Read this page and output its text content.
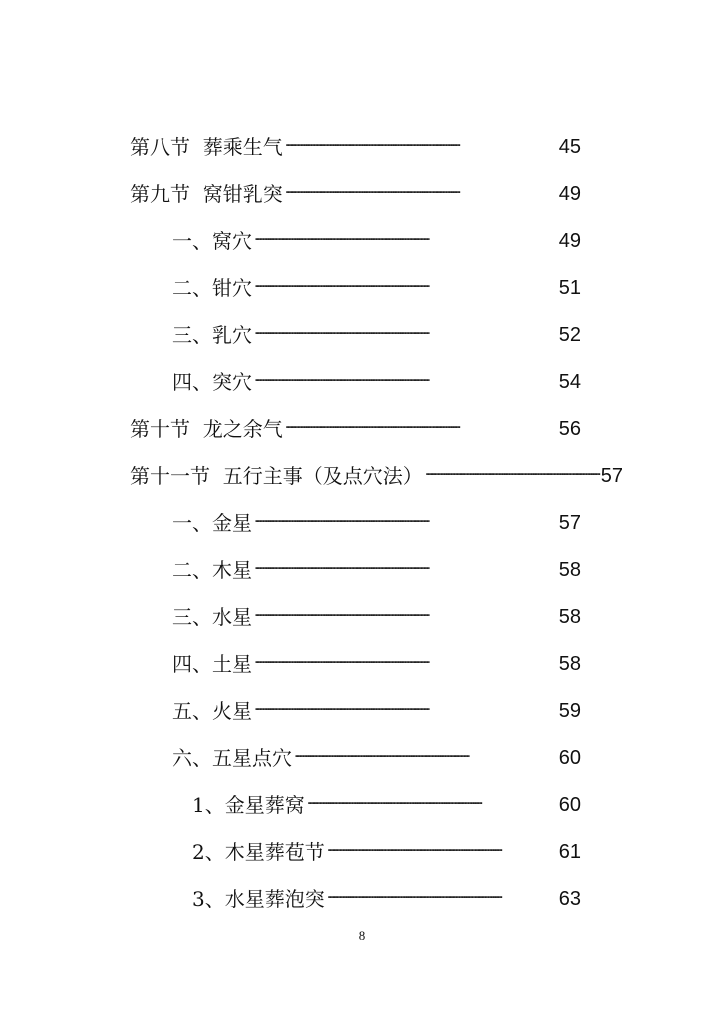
第八节  葬乘生气 ························································································································	45
第九节  窝钳乳突 ························································································································	49
一、窝穴 ························································································································	49
二、钳穴 ························································································································	51
三、乳穴 ························································································································	52
四、突穴 ························································································································	54
第十节  龙之余气 ························································································································	56
第十一节  五行主事（及点穴法） ························································································································ 57
一、金星 ························································································································	57
二、木星 ························································································································	58
三、水星 ························································································································	58
四、土星 ························································································································	58
五、火星 ························································································································	59
六、五星点穴 ························································································································	60
1、金星葬窝 ························································································································	60
2、木星葬苞节 ························································································································	61
3、水星葬泡突 ························································································································	63
8
